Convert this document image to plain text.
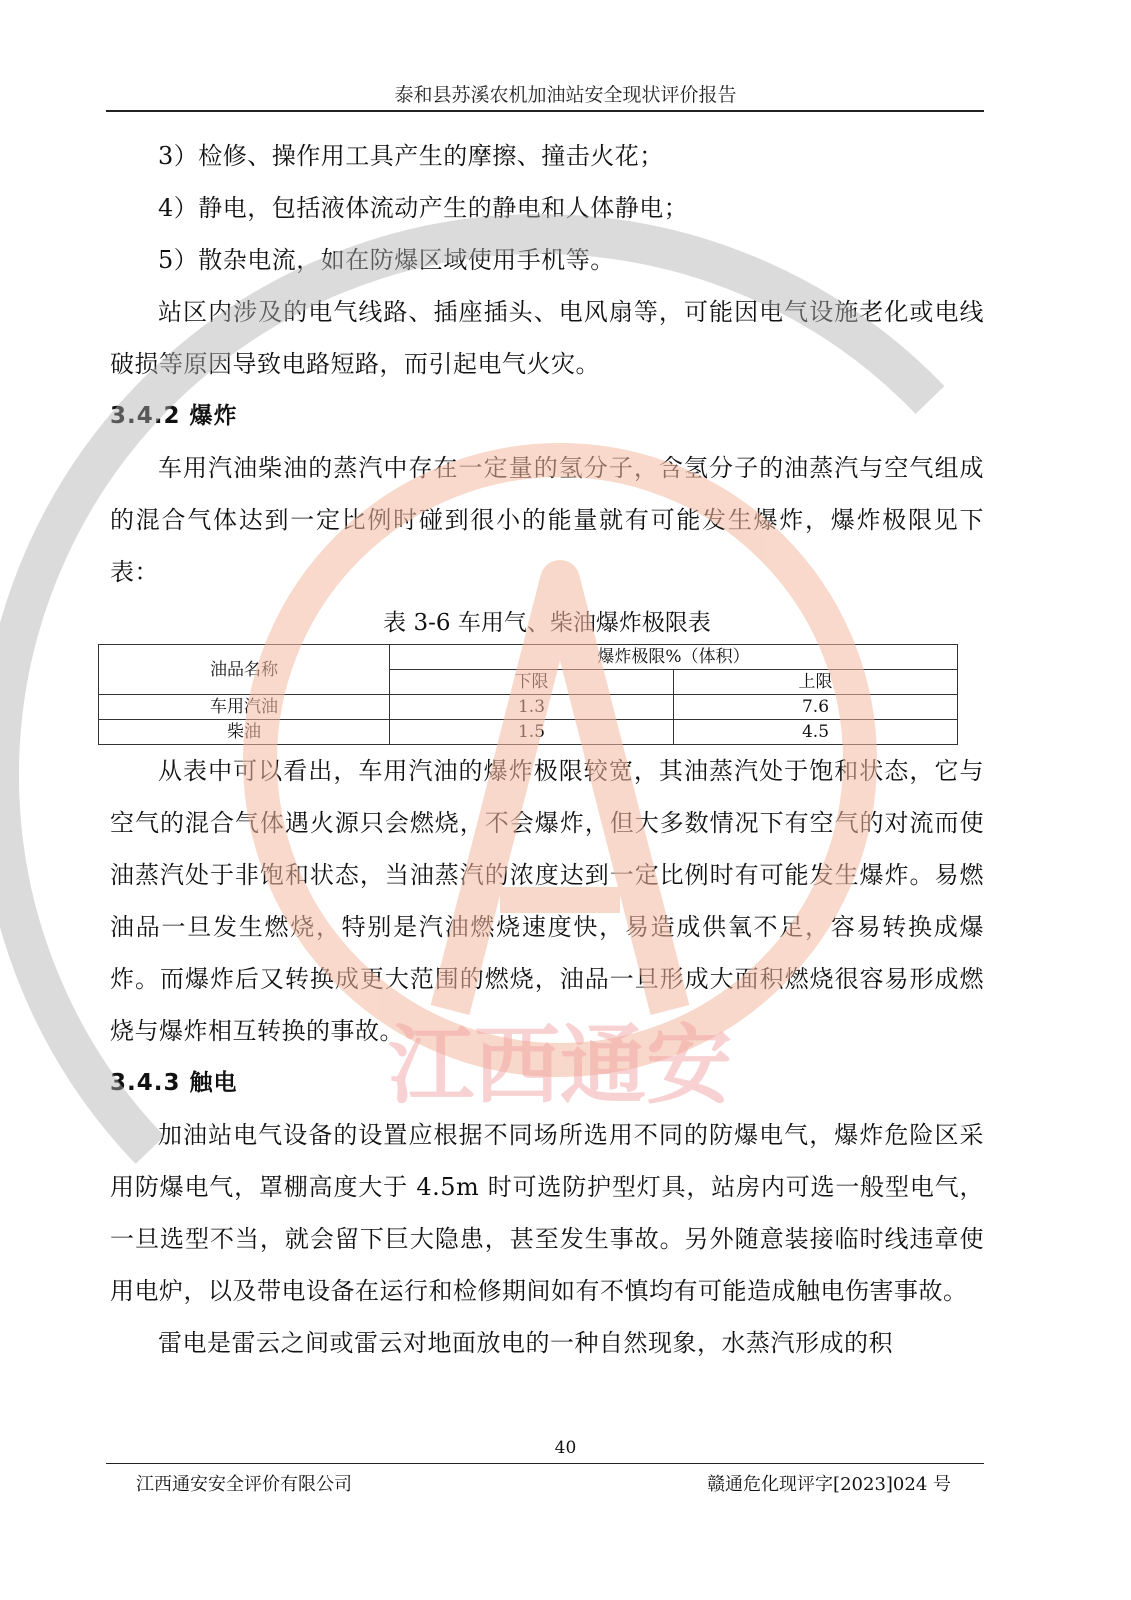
泰和县苏溪农机加油站安全现状评价报告

3）检修、操作用工具产生的摩擦、撞击火花；

4）静电，包括液体流动产生的静电和人体静电；

5）散杂电流，如在防爆区域使用手机等。

站区内涉及的电气线路、插座插头、电风扇等，可能因电气设施老化或电线破损等原因导致电路短路，而引起电气火灾。

3.4.2 爆炸

车用汽油柴油的蒸汽中存在一定量的氢分子，含氢分子的油蒸汽与空气组成的混合气体达到一定比例时碰到很小的能量就有可能发生爆炸，爆炸极限见下表：

表 3-6 车用气、柴油爆炸极限表
油品名称	爆炸极限%（体积）	
	下限	上限
车用汽油	1.3	7.6
柴油	1.5	4.5

从表中可以看出，车用汽油的爆炸极限较宽，其油蒸汽处于饱和状态，它与空气的混合气体遇火源只会燃烧，不会爆炸，但大多数情况下有空气的对流而使油蒸汽处于非饱和状态，当油蒸汽的浓度达到一定比例时有可能发生爆炸。易燃油品一旦发生燃烧，特别是汽油燃烧速度快，易造成供氧不足，容易转换成爆炸。而爆炸后又转换成更大范围的燃烧，油品一旦形成大面积燃烧很容易形成燃烧与爆炸相互转换的事故。

3.4.3 触电

加油站电气设备的设置应根据不同场所选用不同的防爆电气，爆炸危险区采用防爆电气，罩棚高度大于 4.5m 时可选防护型灯具，站房内可选一般型电气，一旦选型不当，就会留下巨大隐患，甚至发生事故。另外随意装接临时线违章使用电炉，以及带电设备在运行和检修期间如有不慎均有可能造成触电伤害事故。

雷电是雷云之间或雷云对地面放电的一种自然现象，水蒸汽形成的积

40
江西通安安全评价有限公司	赣通危化现评字[2023]024 号
江西通安
